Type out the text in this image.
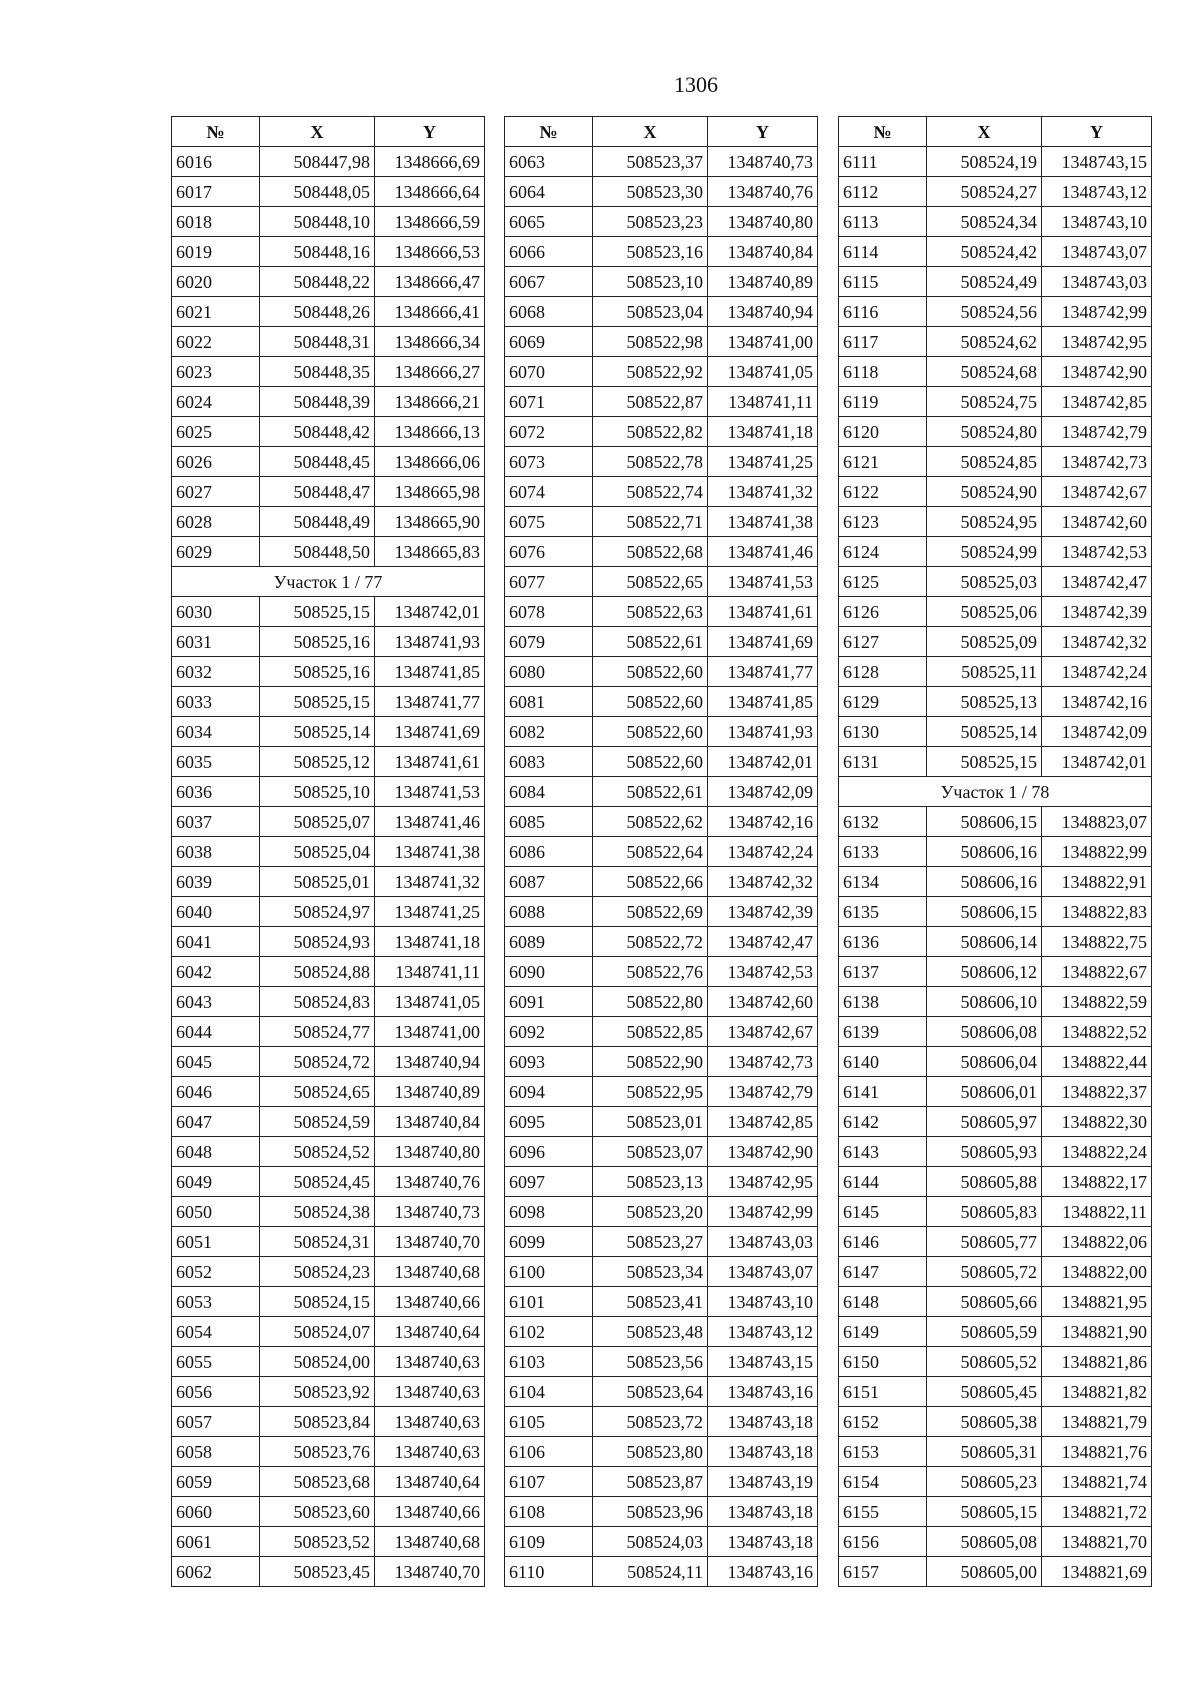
1306
№	X	Y
6016	508447,98	1348666,69
6017	508448,05	1348666,64
6018	508448,10	1348666,59
6019	508448,16	1348666,53
6020	508448,22	1348666,47
6021	508448,26	1348666,41
6022	508448,31	1348666,34
6023	508448,35	1348666,27
6024	508448,39	1348666,21
6025	508448,42	1348666,13
6026	508448,45	1348666,06
6027	508448,47	1348665,98
6028	508448,49	1348665,90
6029	508448,50	1348665,83
Участок 1 / 77		
6030	508525,15	1348742,01
6031	508525,16	1348741,93
6032	508525,16	1348741,85
6033	508525,15	1348741,77
6034	508525,14	1348741,69
6035	508525,12	1348741,61
6036	508525,10	1348741,53
6037	508525,07	1348741,46
6038	508525,04	1348741,38
6039	508525,01	1348741,32
6040	508524,97	1348741,25
6041	508524,93	1348741,18
6042	508524,88	1348741,11
6043	508524,83	1348741,05
6044	508524,77	1348741,00
6045	508524,72	1348740,94
6046	508524,65	1348740,89
6047	508524,59	1348740,84
6048	508524,52	1348740,80
6049	508524,45	1348740,76
6050	508524,38	1348740,73
6051	508524,31	1348740,70
6052	508524,23	1348740,68
6053	508524,15	1348740,66
6054	508524,07	1348740,64
6055	508524,00	1348740,63
6056	508523,92	1348740,63
6057	508523,84	1348740,63
6058	508523,76	1348740,63
6059	508523,68	1348740,64
6060	508523,60	1348740,66
6061	508523,52	1348740,68
6062	508523,45	1348740,70
№	X	Y
6063	508523,37	1348740,73
6064	508523,30	1348740,76
6065	508523,23	1348740,80
6066	508523,16	1348740,84
6067	508523,10	1348740,89
6068	508523,04	1348740,94
6069	508522,98	1348741,00
6070	508522,92	1348741,05
6071	508522,87	1348741,11
6072	508522,82	1348741,18
6073	508522,78	1348741,25
6074	508522,74	1348741,32
6075	508522,71	1348741,38
6076	508522,68	1348741,46
6077	508522,65	1348741,53
6078	508522,63	1348741,61
6079	508522,61	1348741,69
6080	508522,60	1348741,77
6081	508522,60	1348741,85
6082	508522,60	1348741,93
6083	508522,60	1348742,01
6084	508522,61	1348742,09
6085	508522,62	1348742,16
6086	508522,64	1348742,24
6087	508522,66	1348742,32
6088	508522,69	1348742,39
6089	508522,72	1348742,47
6090	508522,76	1348742,53
6091	508522,80	1348742,60
6092	508522,85	1348742,67
6093	508522,90	1348742,73
6094	508522,95	1348742,79
6095	508523,01	1348742,85
6096	508523,07	1348742,90
6097	508523,13	1348742,95
6098	508523,20	1348742,99
6099	508523,27	1348743,03
6100	508523,34	1348743,07
6101	508523,41	1348743,10
6102	508523,48	1348743,12
6103	508523,56	1348743,15
6104	508523,64	1348743,16
6105	508523,72	1348743,18
6106	508523,80	1348743,18
6107	508523,87	1348743,19
6108	508523,96	1348743,18
6109	508524,03	1348743,18
6110	508524,11	1348743,16
№	X	Y
6111	508524,19	1348743,15
6112	508524,27	1348743,12
6113	508524,34	1348743,10
6114	508524,42	1348743,07
6115	508524,49	1348743,03
6116	508524,56	1348742,99
6117	508524,62	1348742,95
6118	508524,68	1348742,90
6119	508524,75	1348742,85
6120	508524,80	1348742,79
6121	508524,85	1348742,73
6122	508524,90	1348742,67
6123	508524,95	1348742,60
6124	508524,99	1348742,53
6125	508525,03	1348742,47
6126	508525,06	1348742,39
6127	508525,09	1348742,32
6128	508525,11	1348742,24
6129	508525,13	1348742,16
6130	508525,14	1348742,09
6131	508525,15	1348742,01
Участок 1 / 78		
6132	508606,15	1348823,07
6133	508606,16	1348822,99
6134	508606,16	1348822,91
6135	508606,15	1348822,83
6136	508606,14	1348822,75
6137	508606,12	1348822,67
6138	508606,10	1348822,59
6139	508606,08	1348822,52
6140	508606,04	1348822,44
6141	508606,01	1348822,37
6142	508605,97	1348822,30
6143	508605,93	1348822,24
6144	508605,88	1348822,17
6145	508605,83	1348822,11
6146	508605,77	1348822,06
6147	508605,72	1348822,00
6148	508605,66	1348821,95
6149	508605,59	1348821,90
6150	508605,52	1348821,86
6151	508605,45	1348821,82
6152	508605,38	1348821,79
6153	508605,31	1348821,76
6154	508605,23	1348821,74
6155	508605,15	1348821,72
6156	508605,08	1348821,70
6157	508605,00	1348821,69
